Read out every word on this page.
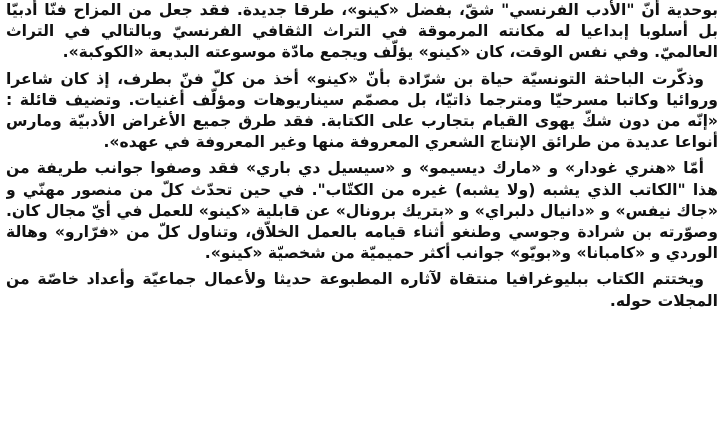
بوحدية أنّ "الأدب الفرنسي" شقّ، بفضل «كينو»، طرقا جديدة. فقد جعل من المزاح فنّا أدبيّا بل أسلوبا إبداعيا له مكانته المرموقة في التراث الثقافي الفرنسيّ وبالتالي في التراث العالميّ. وفي نفس الوقت، كان «كينو» يؤلّف ويجمع مادّة موسوعته البديعة «الكوكبة».

وذكّرت الباحثة التونسيّة حياة بن شرّادة بأنّ «كينو» أخذ من كلّ فنّ بطرف، إذ كان شاعرا وروائيا وكاتبا مسرحيّا ومترجما ذاتيّا، بل مصمّم سيناريوهات ومؤلّف أغنيات. وتضيف قائلة : «إنّه من دون شكّ يهوى القيام بتجارب على الكتابة. فقد طرق جميع الأغراض الأدبيّة ومارس أنواعا عديدة من طرائق الإنتاج الشعري المعروفة منها وغير المعروفة في عهده».

أمّا «هنري غودار» و «مارك ديسيمو» و «سيسيل دي باري» فقد وصفوا جوانب طريفة من هذا "الكاتب الذي يشبه (ولا يشبه) غيره من الكتّاب". في حين تحدّث كلّ من منصور مهنّي و «جاك نيفس» و «دانيال دلبراي» و «بتريك برونال» عن قابلية «كينو» للعمل في أيّ مجال كان. وصوّرته بن شرادة وجوسي وطنغو أثناء قيامه بالعمل الخلاّق، وتناول كلّ من «فرّارو» وهالة الوردي و «كامبانا» و«بويّو» جوانب أكثر حميميّة من شخصيّة «كينو».

ويختتم الكتاب ببليوغرافيا منتقاة لآثاره المطبوعة حديثا ولأعمال جماعيّة وأعداد خاصّة من المجلات حوله.
